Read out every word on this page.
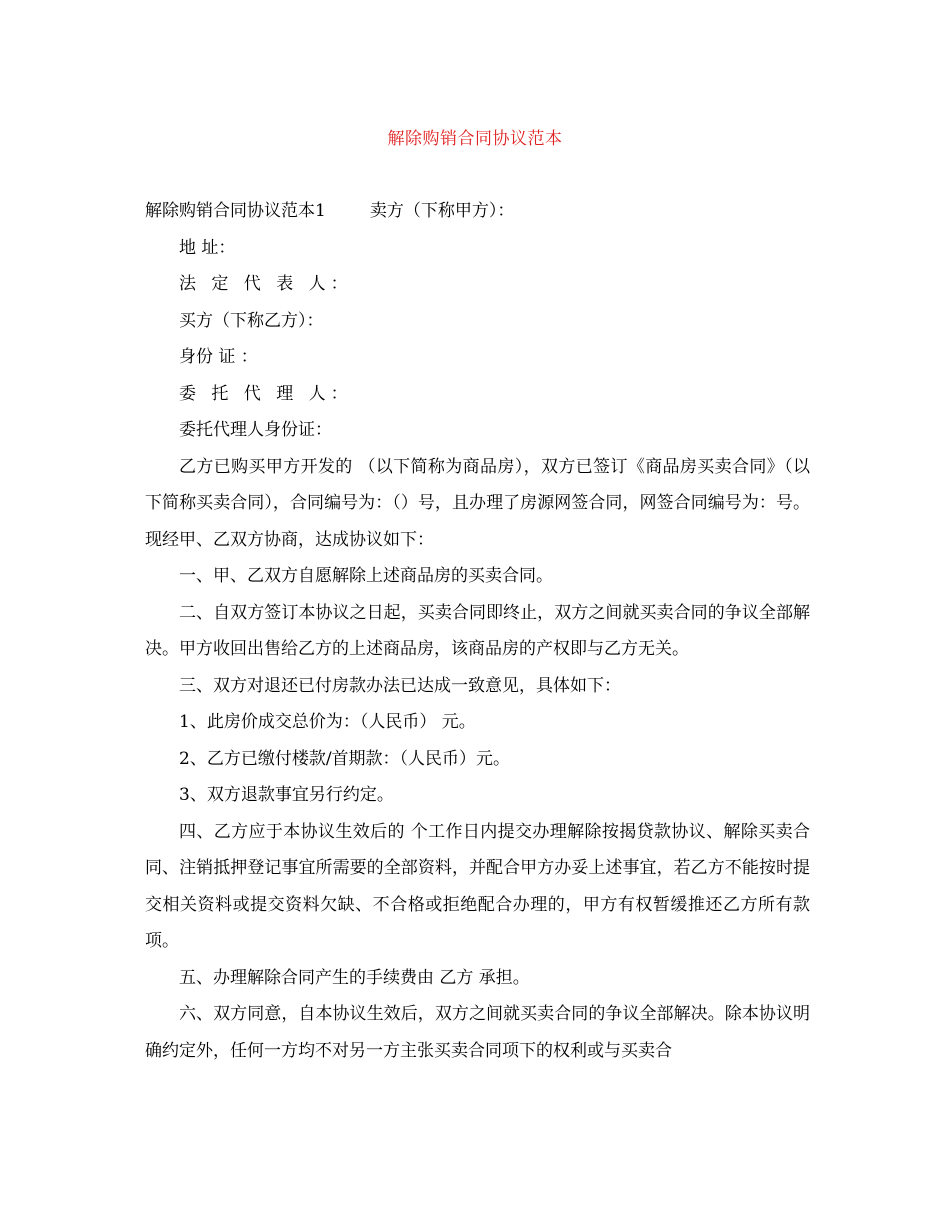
解除购销合同协议范本

解除购销合同协议范本1	卖方（下称甲方）：

地 址：

法 定 代 表 人：

买方（下称乙方）：

身份 证 ：

委 托 代 理 人：

委托代理人身份证：

乙方已购买甲方开发的 （以下简称为商品房），双方已签订《商品房买卖合同》（以下简称买卖合同），合同编号为：（）号，且办理了房源网签合同，网签合同编号为：号。现经甲、乙双方协商，达成协议如下：

一、甲、乙双方自愿解除上述商品房的买卖合同。

二、自双方签订本协议之日起，买卖合同即终止，双方之间就买卖合同的争议全部解决。甲方收回出售给乙方的上述商品房，该商品房的产权即与乙方无关。

三、双方对退还已付房款办法已达成一致意见，具体如下：

1、此房价成交总价为：（人民币） 元。

2、乙方已缴付楼款/首期款：（人民币）元。

3、双方退款事宜另行约定。

四、乙方应于本协议生效后的 个工作日内提交办理解除按揭贷款协议、解除买卖合同、注销抵押登记事宜所需要的全部资料，并配合甲方办妥上述事宜，若乙方不能按时提交相关资料或提交资料欠缺、不合格或拒绝配合办理的，甲方有权暂缓推还乙方所有款项。

五、办理解除合同产生的手续费由 乙方 承担。

六、双方同意，自本协议生效后，双方之间就买卖合同的争议全部解决。除本协议明确约定外，任何一方均不对另一方主张买卖合同项下的权利或与买卖合
